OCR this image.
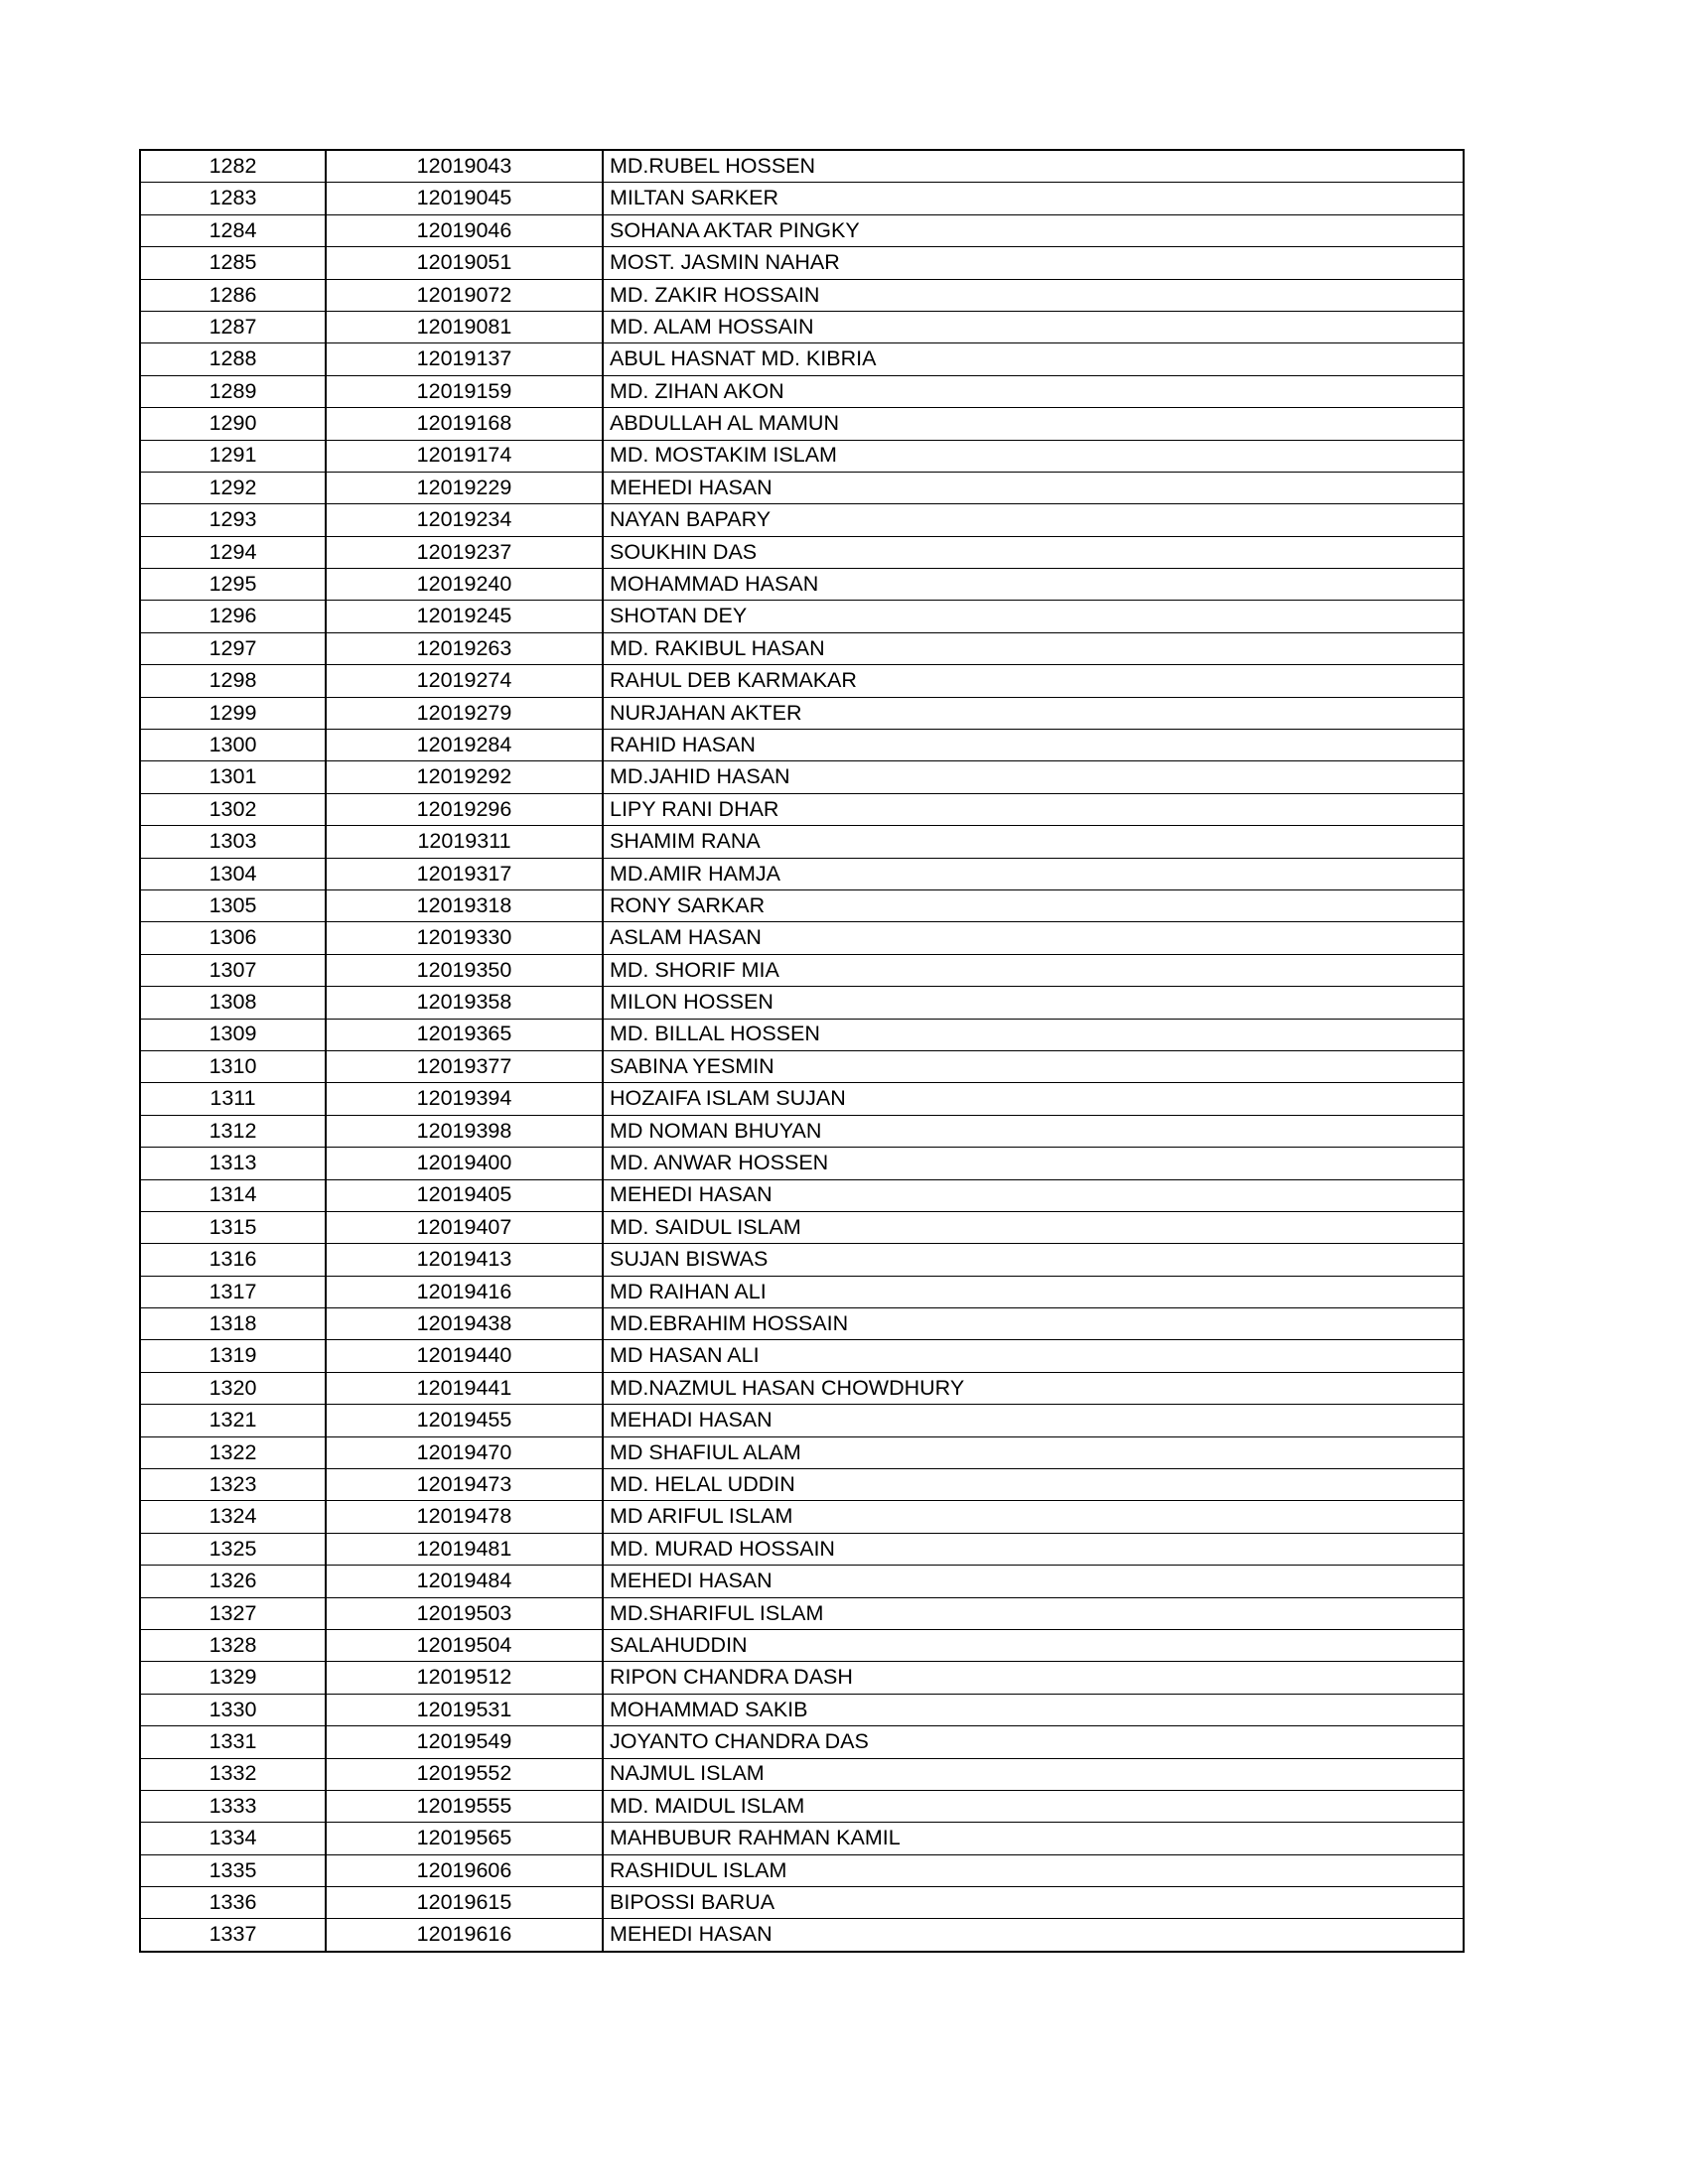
1282	12019043	MD.RUBEL HOSSEN
1283	12019045	MILTAN SARKER
1284	12019046	SOHANA AKTAR PINGKY
1285	12019051	MOST. JASMIN NAHAR
1286	12019072	MD. ZAKIR HOSSAIN
1287	12019081	MD. ALAM HOSSAIN
1288	12019137	ABUL HASNAT MD. KIBRIA
1289	12019159	MD. ZIHAN AKON
1290	12019168	ABDULLAH AL MAMUN
1291	12019174	MD. MOSTAKIM ISLAM
1292	12019229	MEHEDI HASAN
1293	12019234	NAYAN BAPARY
1294	12019237	SOUKHIN DAS
1295	12019240	MOHAMMAD HASAN
1296	12019245	SHOTAN DEY
1297	12019263	MD. RAKIBUL HASAN
1298	12019274	RAHUL DEB KARMAKAR
1299	12019279	NURJAHAN AKTER
1300	12019284	RAHID HASAN
1301	12019292	MD.JAHID HASAN
1302	12019296	LIPY RANI DHAR
1303	12019311	SHAMIM RANA
1304	12019317	MD.AMIR HAMJA
1305	12019318	RONY SARKAR
1306	12019330	ASLAM HASAN
1307	12019350	MD. SHORIF MIA
1308	12019358	MILON HOSSEN
1309	12019365	MD. BILLAL HOSSEN
1310	12019377	SABINA YESMIN
1311	12019394	HOZAIFA ISLAM SUJAN
1312	12019398	MD NOMAN BHUYAN
1313	12019400	MD. ANWAR HOSSEN
1314	12019405	MEHEDI HASAN
1315	12019407	MD. SAIDUL ISLAM
1316	12019413	SUJAN BISWAS
1317	12019416	MD RAIHAN ALI
1318	12019438	MD.EBRAHIM HOSSAIN
1319	12019440	MD HASAN ALI
1320	12019441	MD.NAZMUL HASAN CHOWDHURY
1321	12019455	MEHADI HASAN
1322	12019470	MD SHAFIUL ALAM
1323	12019473	MD. HELAL UDDIN
1324	12019478	MD ARIFUL ISLAM
1325	12019481	MD. MURAD HOSSAIN
1326	12019484	MEHEDI HASAN
1327	12019503	MD.SHARIFUL ISLAM
1328	12019504	SALAHUDDIN
1329	12019512	RIPON CHANDRA DASH
1330	12019531	MOHAMMAD SAKIB
1331	12019549	JOYANTO CHANDRA DAS
1332	12019552	NAJMUL ISLAM
1333	12019555	MD. MAIDUL ISLAM
1334	12019565	MAHBUBUR RAHMAN KAMIL
1335	12019606	RASHIDUL ISLAM
1336	12019615	BIPOSSI BARUA
1337	12019616	MEHEDI HASAN
